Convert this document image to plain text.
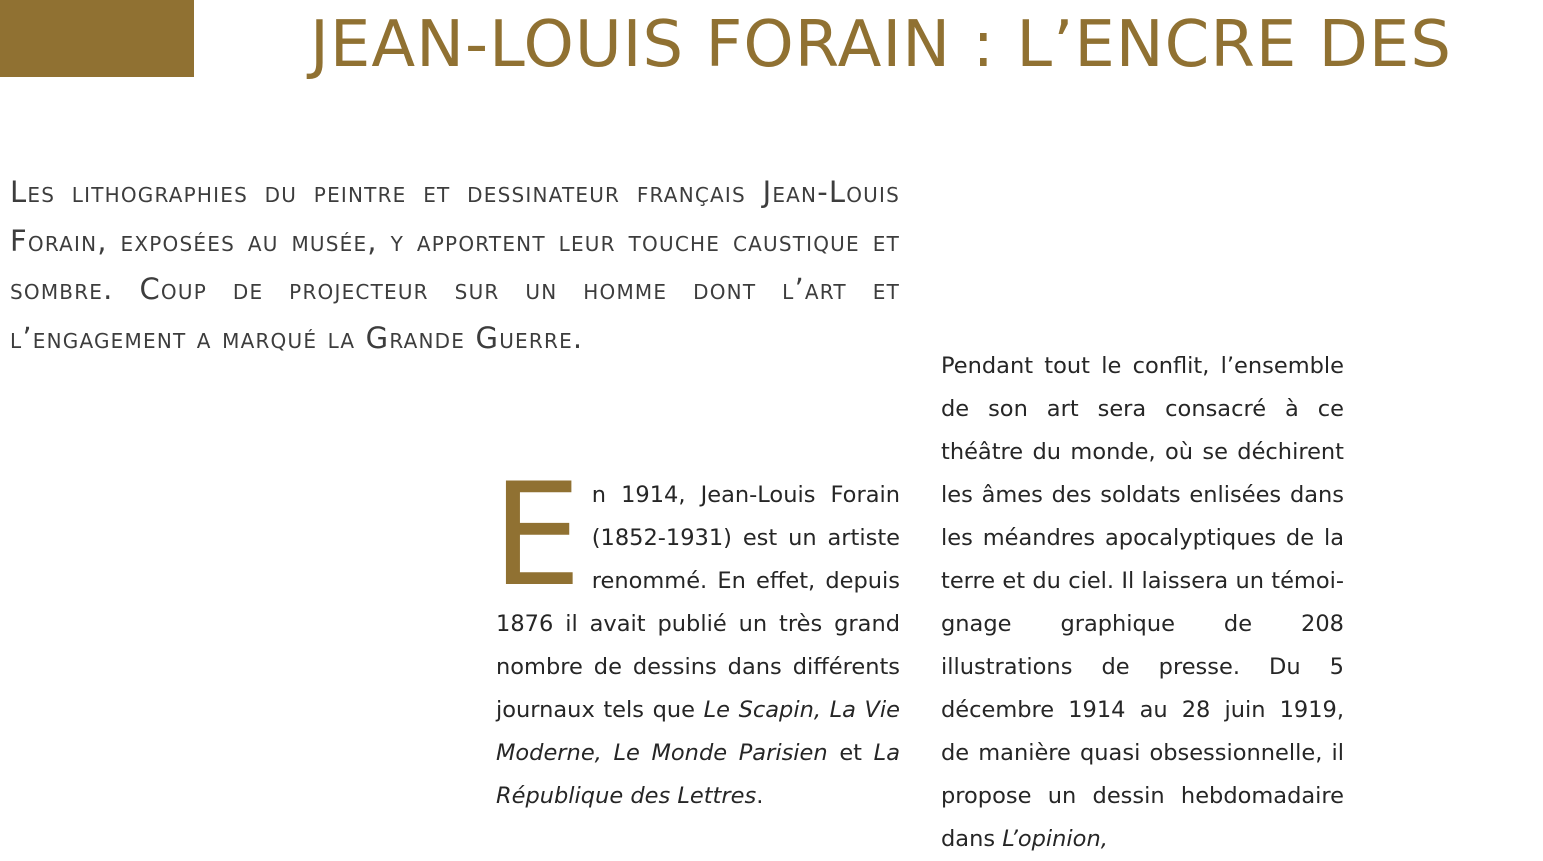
JEAN-LOUIS FORAIN : L’ENCRE DES

Les lithographies du peintre et dessinateur français Jean-Louis Forain, exposées au musée, y apportent leur touche caustique et sombre. Coup de projecteur sur un homme dont l’art et l’engagement a marqué la Grande Guerre.

En 1914, Jean-Louis Forain (1852-1931) est un artiste renommé. En effet, depuis 1876 il avait publié un très grand nombre de dessins dans différents journaux tels que Le Scapin, La Vie Moderne, Le Monde Parisien et La République des Lettres.

Pendant tout le conflit, l’ensemble de son art sera consacré à ce théâtre du monde, où se déchirent les âmes des soldats enlisées dans les méandres apocalyptiques de la terre et du ciel. Il laissera un témoignage graphique de 208 illustrations de presse. Du 5 décembre 1914 au 28 juin 1919, de manière quasi obsessionnelle, il propose un dessin hebdomadaire dans L’opinion,
